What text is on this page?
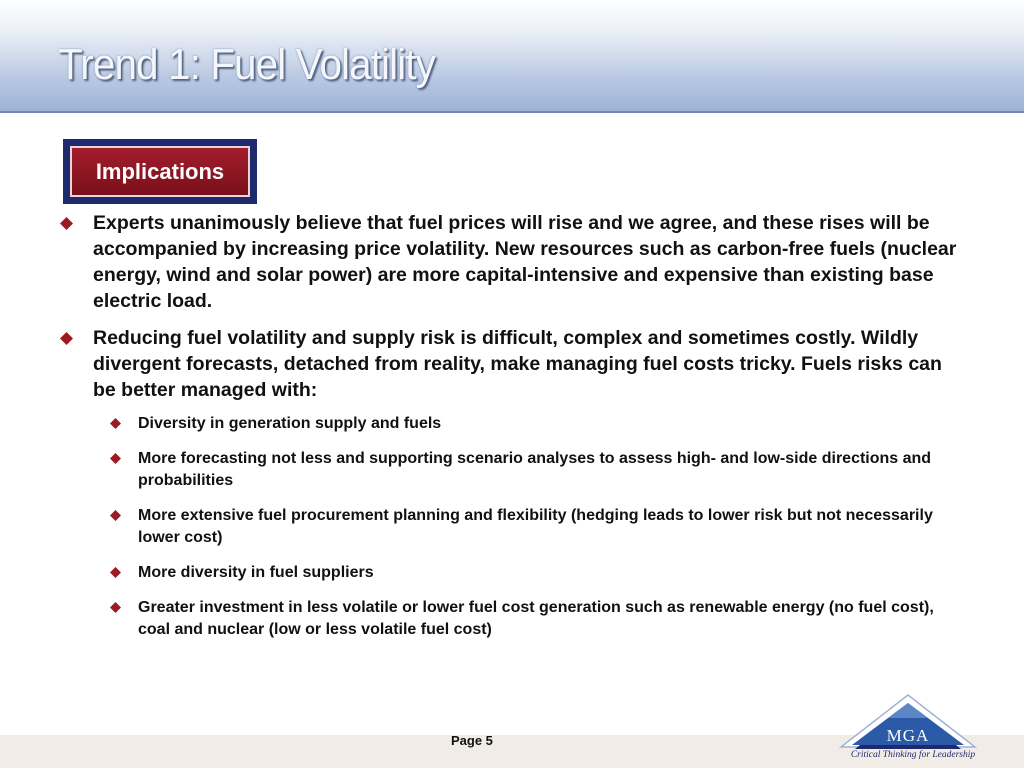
Trend 1: Fuel Volatility
Implications
Experts unanimously believe that fuel prices will rise and we agree, and these rises will be accompanied by increasing price volatility. New resources such as carbon-free fuels (nuclear energy, wind and solar power) are more capital-intensive and expensive than existing base electric load.
Reducing fuel volatility and supply risk is difficult, complex and sometimes costly. Wildly divergent forecasts, detached from reality, make managing fuel costs tricky. Fuels risks can be better managed with:
Diversity in generation supply and fuels
More forecasting not less and supporting scenario analyses to assess high- and low-side directions and probabilities
More extensive fuel procurement planning and flexibility (hedging leads to lower risk but not necessarily lower cost)
More diversity in fuel suppliers
Greater investment in less volatile or lower fuel cost generation such as renewable energy (no fuel cost), coal and nuclear (low or less volatile fuel cost)
Page 5	MGA
Critical Thinking for Leadership
